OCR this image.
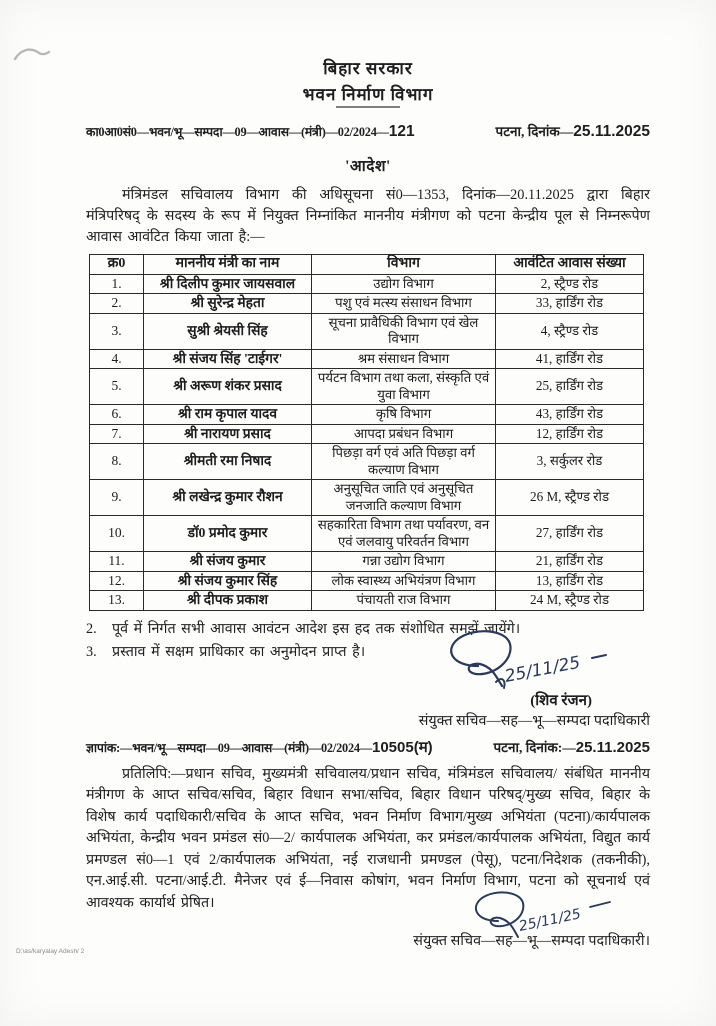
बिहार सरकार
भवन निर्माण विभाग
का0आ0सं0—भवन/भू—सम्पदा—09—आवास—(मंत्री)—02/2024—121	पटना, दिनांक—25.11.2025
'आदेश'

मंत्रिमंडल सचिवालय विभाग की अधिसूचना सं0—1353, दिनांक—20.11.2025 द्वारा बिहार मंत्रिपरिषद् के सदस्य के रूप में नियुक्त निम्नांकित माननीय मंत्रीगण को पटना केन्द्रीय पूल से निम्नरूपेण आवास आवंटित किया जाता है:—

क्र0	माननीय मंत्री का नाम	विभाग	आवंटित आवास संख्या
1.	श्री दिलीप कुमार जायसवाल	उद्योग विभाग	2, स्ट्रैण्ड रोड
2.	श्री सुरेन्द्र मेहता	पशु एवं मत्स्य संसाधन विभाग	33, हार्डिंग रोड
3.	सुश्री श्रेयसी सिंह	सूचना प्रावैधिकी विभाग एवं खेल विभाग	4, स्ट्रैण्ड रोड
4.	श्री संजय सिंह 'टाईगर'	श्रम संसाधन विभाग	41, हार्डिंग रोड
5.	श्री अरूण शंकर प्रसाद	पर्यटन विभाग तथा कला, संस्कृति एवं युवा विभाग	25, हार्डिंग रोड
6.	श्री राम कृपाल यादव	कृषि विभाग	43, हार्डिंग रोड
7.	श्री नारायण प्रसाद	आपदा प्रबंधन विभाग	12, हार्डिंग रोड
8.	श्रीमती रमा निषाद	पिछड़ा वर्ग एवं अति पिछड़ा वर्ग कल्याण विभाग	3, सर्कुलर रोड
9.	श्री लखेन्द्र कुमार रौशन	अनुसूचित जाति एवं अनुसूचित जनजाति कल्याण विभाग	26 M, स्ट्रैण्ड रोड
10.	डॉ0 प्रमोद कुमार	सहकारिता विभाग तथा पर्यावरण, वन एवं जलवायु परिवर्तन विभाग	27, हार्डिंग रोड
11.	श्री संजय कुमार	गन्ना उद्योग विभाग	21, हार्डिंग रोड
12.	श्री संजय कुमार सिंह	लोक स्वास्थ्य अभियंत्रण विभाग	13, हार्डिंग रोड
13.	श्री दीपक प्रकाश	पंचायती राज विभाग	24 M, स्ट्रैण्ड रोड
2.	पूर्व में निर्गत सभी आवास आवंटन आदेश इस हद तक संशोधित समझें जायेंगे।
3.	प्रस्ताव में सक्षम प्राधिकार का अनुमोदन प्राप्त है।
25/11/25
(शिव रंजन)
संयुक्त सचिव—सह—भू—सम्पदा पदाधिकारी
ज्ञापांक:—भवन/भू—सम्पदा—09—आवास—(मंत्री)—02/2024—10505(म)	पटना, दिनांक:—25.11.2025

प्रतिलिपि:—प्रधान सचिव, मुख्यमंत्री सचिवालय/प्रधान सचिव, मंत्रिमंडल सचिवालय/ संबंधित माननीय मंत्रीगण के आप्त सचिव/सचिव, बिहार विधान सभा/सचिव, बिहार विधान परिषद्/मुख्य सचिव, बिहार के विशेष कार्य पदाधिकारी/सचिव के आप्त सचिव, भवन निर्माण विभाग/मुख्य अभियंता (पटना)/कार्यपालक अभियंता, केन्द्रीय भवन प्रमंडल सं0—2/ कार्यपालक अभियंता, कर प्रमंडल/कार्यपालक अभियंता, विद्युत कार्य प्रमण्डल सं0—1 एवं 2/कार्यपालक अभियंता, नई राजधानी प्रमण्डल (पेसू), पटना/निदेशक (तकनीकी), एन.आई.सी. पटना/आई.टी. मैनेजर एवं ई—निवास कोषांग, भवन निर्माण विभाग, पटना को सूचनार्थ एवं आवश्यक कार्यार्थ प्रेषित।

25/11/25
संयुक्त सचिव—सह—भू—सम्पदा पदाधिकारी।
D:\as/karyalay Adesh/ 2
